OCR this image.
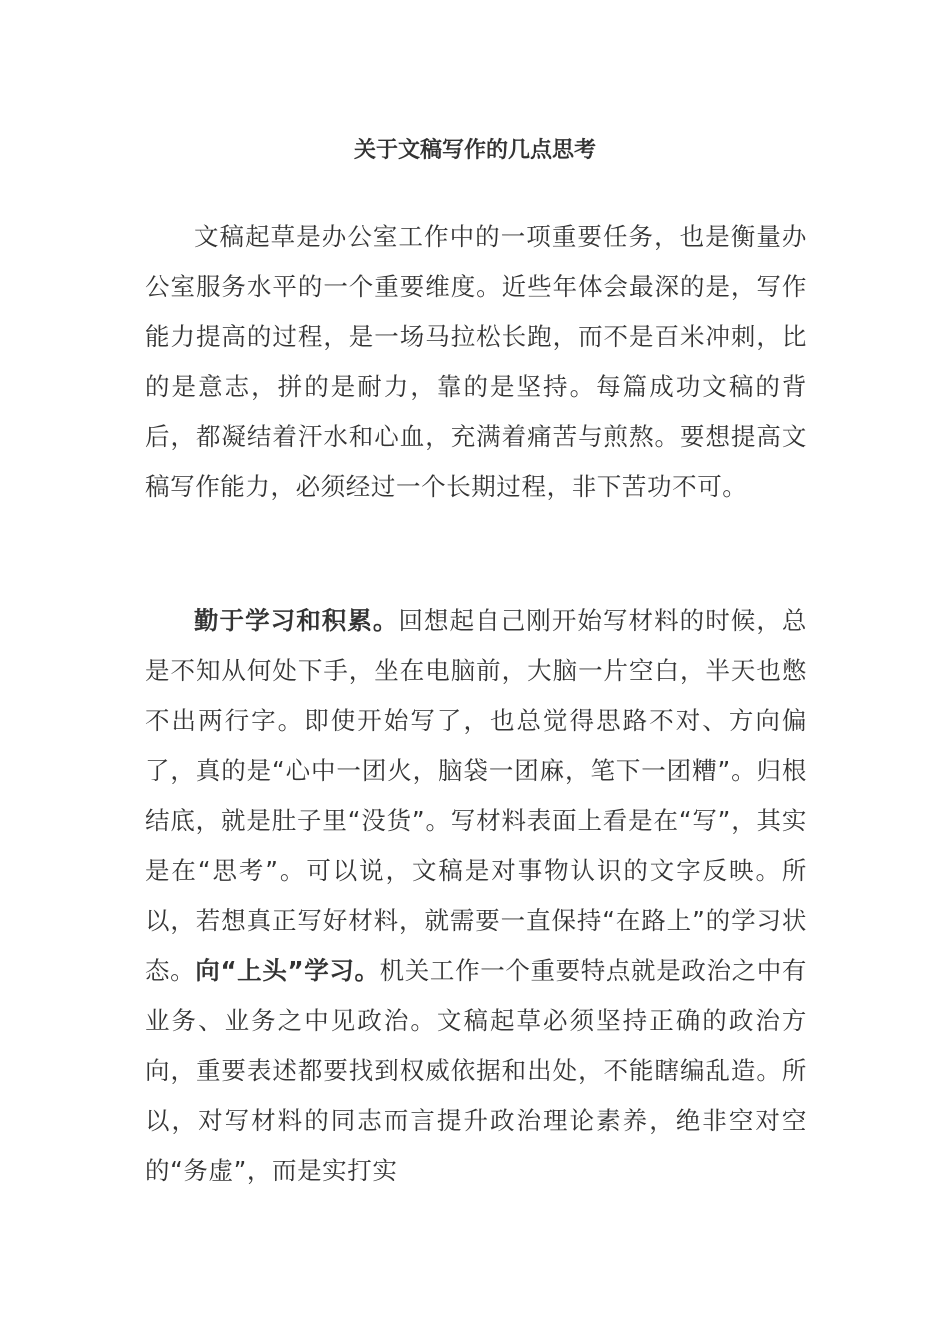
关于文稿写作的几点思考

文稿起草是办公室工作中的一项重要任务，也是衡量办公室服务水平的一个重要维度。近些年体会最深的是，写作能力提高的过程，是一场马拉松长跑，而不是百米冲刺，比的是意志，拼的是耐力，靠的是坚持。每篇成功文稿的背后，都凝结着汗水和心血，充满着痛苦与煎熬。要想提高文稿写作能力，必须经过一个长期过程，非下苦功不可。

勤于学习和积累。回想起自己刚开始写材料的时候，总是不知从何处下手，坐在电脑前，大脑一片空白，半天也憋不出两行字。即使开始写了，也总觉得思路不对、方向偏了，真的是“心中一团火，脑袋一团麻，笔下一团糟”。归根结底，就是肚子里“没货”。写材料表面上看是在“写”，其实是在“思考”。可以说，文稿是对事物认识的文字反映。所以，若想真正写好材料，就需要一直保持“在路上”的学习状态。向“上头”学习。机关工作一个重要特点就是政治之中有业务、业务之中见政治。文稿起草必须坚持正确的政治方向，重要表述都要找到权威依据和出处，不能瞎编乱造。所以，对写材料的同志而言提升政治理论素养，绝非空对空的“务虚”，而是实打实
